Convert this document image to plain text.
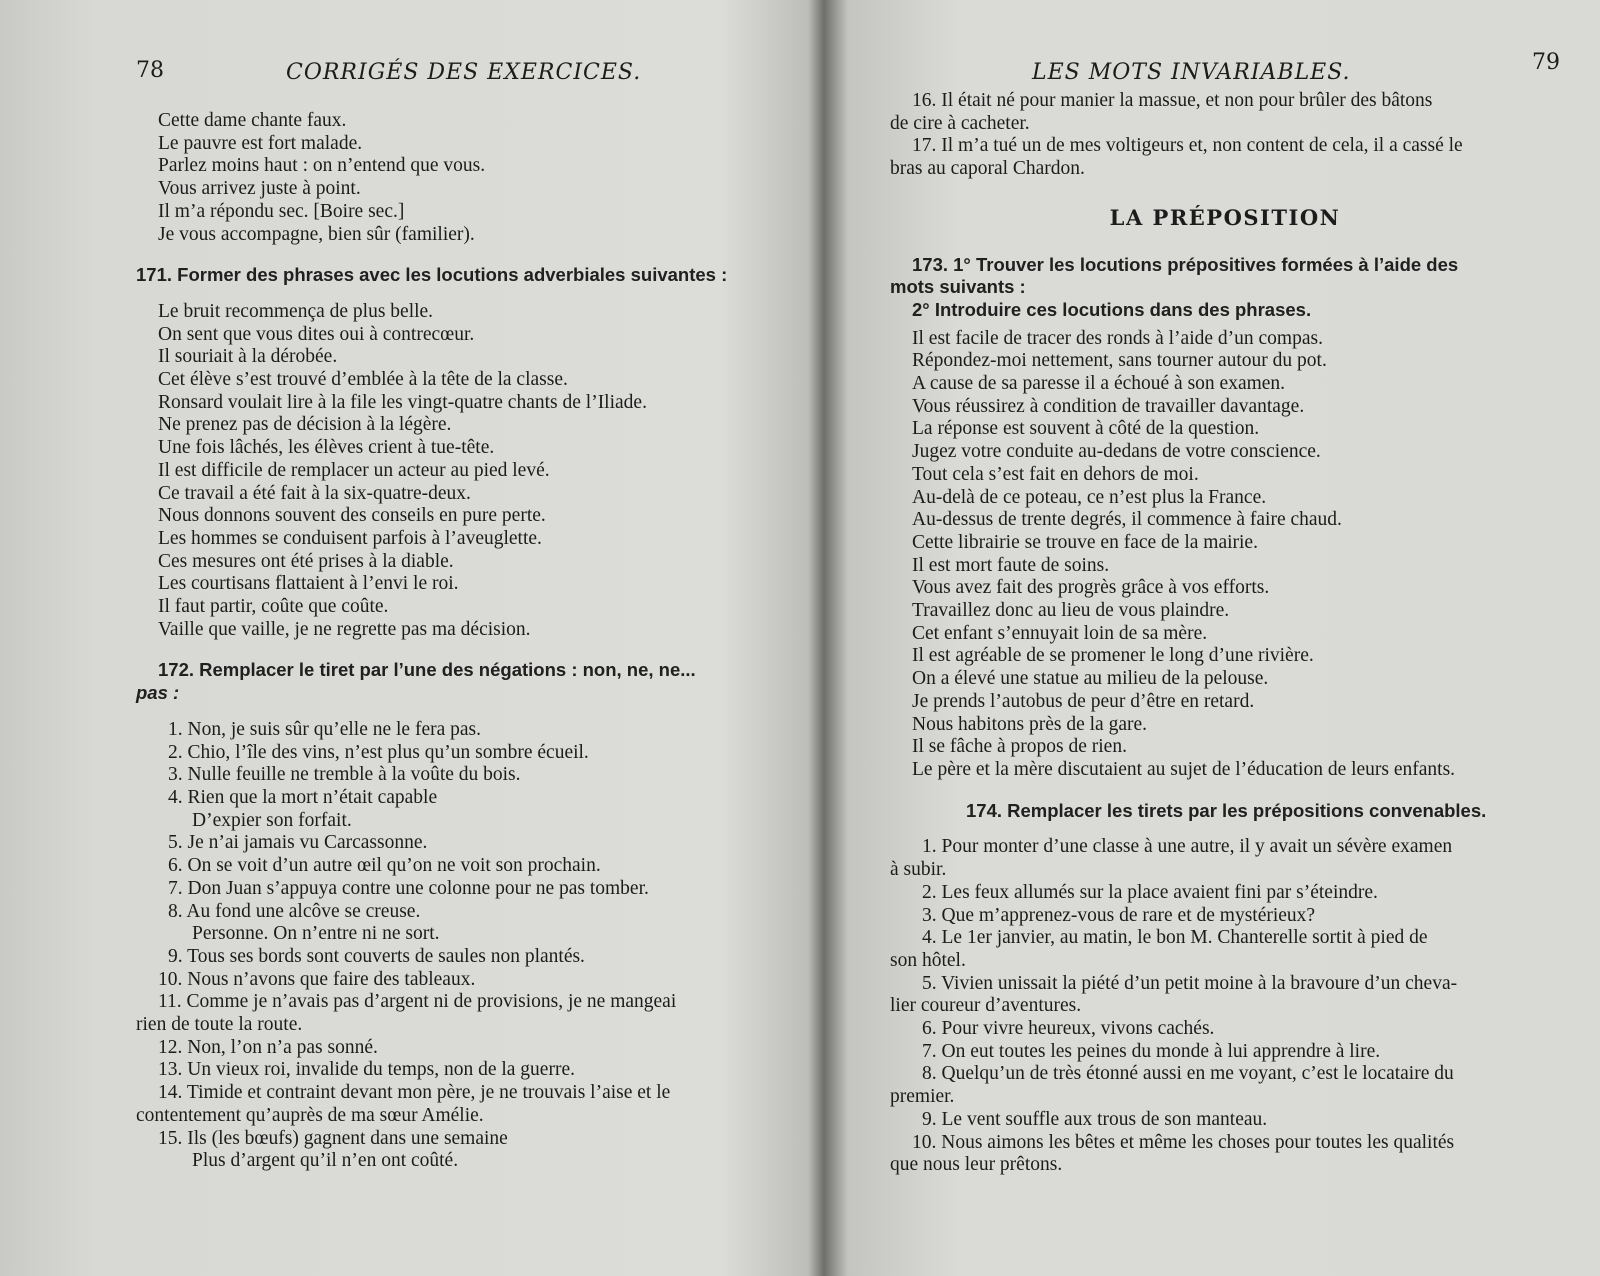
78	CORRIGÉS DES EXERCICES.
Cette dame chante faux.
Le pauvre est fort malade.
Parlez moins haut : on n’entend que vous.
Vous arrivez juste à point.
Il m’a répondu sec. [Boire sec.]
Je vous accompagne, bien sûr (familier).
171. Former des phrases avec les locutions adverbiales suivantes :
Le bruit recommença de plus belle.
On sent que vous dites oui à contrecœur.
Il souriait à la dérobée.
Cet élève s’est trouvé d’emblée à la tête de la classe.
Ronsard voulait lire à la file les vingt-quatre chants de l’Iliade.
Ne prenez pas de décision à la légère.
Une fois lâchés, les élèves crient à tue-tête.
Il est difficile de remplacer un acteur au pied levé.
Ce travail a été fait à la six-quatre-deux.
Nous donnons souvent des conseils en pure perte.
Les hommes se conduisent parfois à l’aveuglette.
Ces mesures ont été prises à la diable.
Les courtisans flattaient à l’envi le roi.
Il faut partir, coûte que coûte.
Vaille que vaille, je ne regrette pas ma décision.
172. Remplacer le tiret par l’une des négations : non, ne, ne...
pas :
1. Non, je suis sûr qu’elle ne le fera pas.
2. Chio, l’île des vins, n’est plus qu’un sombre écueil.
3. Nulle feuille ne tremble à la voûte du bois.
4. Rien que la mort n’était capable
D’expier son forfait.
5. Je n’ai jamais vu Carcassonne.
6. On se voit d’un autre œil qu’on ne voit son prochain.
7. Don Juan s’appuya contre une colonne pour ne pas tomber.
8. Au fond une alcôve se creuse.
Personne. On n’entre ni ne sort.
9. Tous ses bords sont couverts de saules non plantés.
10. Nous n’avons que faire des tableaux.
11. Comme je n’avais pas d’argent ni de provisions, je ne mangeai
rien de toute la route.
12. Non, l’on n’a pas sonné.
13. Un vieux roi, invalide du temps, non de la guerre.
14. Timide et contraint devant mon père, je ne trouvais l’aise et le
contentement qu’auprès de ma sœur Amélie.
15. Ils (les bœufs) gagnent dans une semaine
Plus d’argent qu’il n’en ont coûté.
LES MOTS INVARIABLES.	79
16. Il était né pour manier la massue, et non pour brûler des bâtons
de cire à cacheter.
17. Il m’a tué un de mes voltigeurs et, non content de cela, il a cassé le
bras au caporal Chardon.
LA PRÉPOSITION
173. 1° Trouver les locutions prépositives formées à l’aide des
mots suivants :
2° Introduire ces locutions dans des phrases.
Il est facile de tracer des ronds à l’aide d’un compas.
Répondez-moi nettement, sans tourner autour du pot.
A cause de sa paresse il a échoué à son examen.
Vous réussirez à condition de travailler davantage.
La réponse est souvent à côté de la question.
Jugez votre conduite au-dedans de votre conscience.
Tout cela s’est fait en dehors de moi.
Au-delà de ce poteau, ce n’est plus la France.
Au-dessus de trente degrés, il commence à faire chaud.
Cette librairie se trouve en face de la mairie.
Il est mort faute de soins.
Vous avez fait des progrès grâce à vos efforts.
Travaillez donc au lieu de vous plaindre.
Cet enfant s’ennuyait loin de sa mère.
Il est agréable de se promener le long d’une rivière.
On a élevé une statue au milieu de la pelouse.
Je prends l’autobus de peur d’être en retard.
Nous habitons près de la gare.
Il se fâche à propos de rien.
Le père et la mère discutaient au sujet de l’éducation de leurs enfants.
174. Remplacer les tirets par les prépositions convenables.
1. Pour monter d’une classe à une autre, il y avait un sévère examen
à subir.
2. Les feux allumés sur la place avaient fini par s’éteindre.
3. Que m’apprenez-vous de rare et de mystérieux?
4. Le 1er janvier, au matin, le bon M. Chanterelle sortit à pied de
son hôtel.
5. Vivien unissait la piété d’un petit moine à la bravoure d’un cheva-
lier coureur d’aventures.
6. Pour vivre heureux, vivons cachés.
7. On eut toutes les peines du monde à lui apprendre à lire.
8. Quelqu’un de très étonné aussi en me voyant, c’est le locataire du
premier.
9. Le vent souffle aux trous de son manteau.
10. Nous aimons les bêtes et même les choses pour toutes les qualités
que nous leur prêtons.
